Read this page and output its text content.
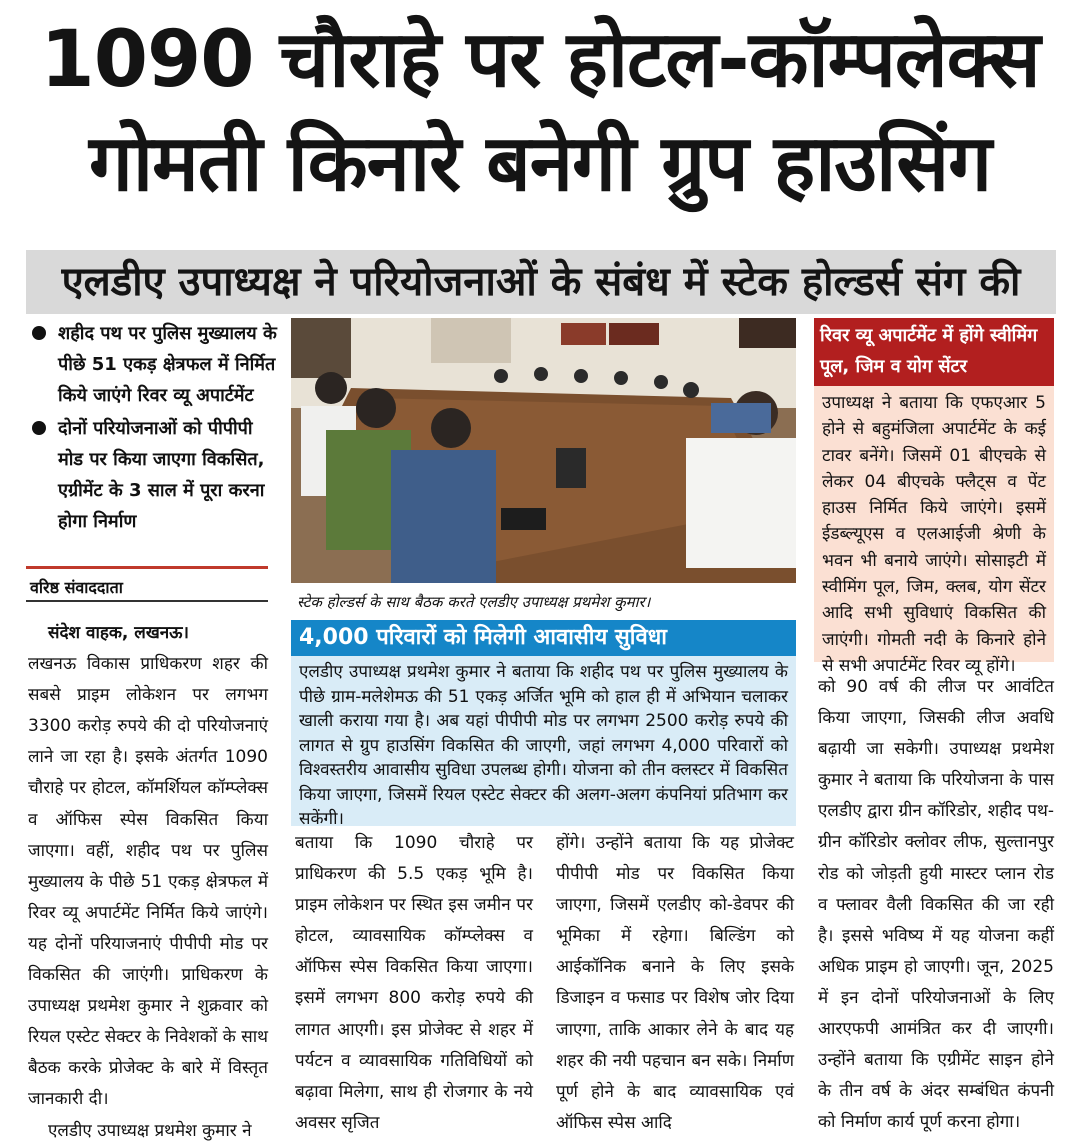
1090 चौराहे पर होटल-कॉम्पलेक्स
गोमती किनारे बनेगी ग्रुप हाउसिंग
एलडीए उपाध्यक्ष ने परियोजनाओं के संबंध में स्टेक होल्डर्स संग की
शहीद पथ पर पुलिस मुख्यालय के पीछे 51 एकड़ क्षेत्रफल में निर्मित किये जाएंगे रिवर व्यू अपार्टमेंट
दोनों परियोजनाओं को पीपीपी मोड पर किया जाएगा विकसित, एग्रीमेंट के 3 साल में पूरा करना होगा निर्माण
वरिष्ठ संवाददाता

संदेश वाहक, लखनऊ।

लखनऊ विकास प्राधिकरण शहर की सबसे प्राइम लोकेशन पर लगभग 3300 करोड़ रुपये की दो परियोजनाएं लाने जा रहा है। इसके अंतर्गत 1090 चौराहे पर होटल, कॉमर्शियल कॉम्प्लेक्स व ऑफिस स्पेस विकसित किया जाएगा। वहीं, शहीद पथ पर पुलिस मुख्यालय के पीछे 51 एकड़ क्षेत्रफल में रिवर व्यू अपार्टमेंट निर्मित किये जाएंगे। यह दोनों परियाजनाएं पीपीपी मोड पर विकसित की जाएंगी। प्राधिकरण के उपाध्यक्ष प्रथमेश कुमार ने शुक्रवार को रियल एस्टेट सेक्टर के निवेशकों के साथ बैठक करके प्रोजेक्ट के बारे में विस्तृत जानकारी दी।

एलडीए उपाध्यक्ष प्रथमेश कुमार ने

स्टेक होल्डर्स के साथ बैठक करते एलडीए उपाध्यक्ष प्रथमेश कुमार।
4,000 परिवारों को मिलेगी आवासीय सुविधा
एलडीए उपाध्यक्ष प्रथमेश कुमार ने बताया कि शहीद पथ पर पुलिस मुख्यालय के पीछे ग्राम-मलेशेमऊ की 51 एकड़ अर्जित भूमि को हाल ही में अभियान चलाकर खाली कराया गया है। अब यहां पीपीपी मोड पर लगभग 2500 करोड़ रुपये की लागत से ग्रुप हाउसिंग विकसित की जाएगी, जहां लगभग 4,000 परिवारों को विश्वस्तरीय आवासीय सुविधा उपलब्ध होगी। योजना को तीन क्लस्टर में विकसित किया जाएगा, जिसमें रियल एस्टेट सेक्टर की अलग-अलग कंपनियां प्रतिभाग कर सकेंगी।

बताया कि 1090 चौराहे पर प्राधिकरण की 5.5 एकड़ भूमि है। प्राइम लोकेशन पर स्थित इस जमीन पर होटल, व्यावसायिक कॉम्प्लेक्स व ऑफिस स्पेस विकसित किया जाएगा। इसमें लगभग 800 करोड़ रुपये की लागत आएगी। इस प्रोजेक्ट से शहर में पर्यटन व व्यावसायिक गतिविधियों को बढ़ावा मिलेगा, साथ ही रोजगार के नये अवसर सृजित

होंगे। उन्होंने बताया कि यह प्रोजेक्ट पीपीपी मोड पर विकसित किया जाएगा, जिसमें एलडीए को-डेवपर की भूमिका में रहेगा। बिल्डिंग को आईकॉनिक बनाने के लिए इसके डिजाइन व फसाड पर विशेष जोर दिया जाएगा, ताकि आकार लेने के बाद यह शहर की नयी पहचान बन सके। निर्माण पूर्ण होने के बाद व्यावसायिक एवं ऑफिस स्पेस आदि

रिवर व्यू अपार्टमेंट में होंगे स्वीमिंग पूल, जिम व योग सेंटर
उपाध्यक्ष ने बताया कि एफएआर 5 होने से बहुमंजिला अपार्टमेंट के कई टावर बनेंगे। जिसमें 01 बीएचके से लेकर 04 बीएचके फ्लैट्स व पेंट हाउस निर्मित किये जाएंगे। इसमें ईडब्ल्यूएस व एलआईजी श्रेणी के भवन भी बनाये जाएंगे। सोसाइटी में स्वीमिंग पूल, जिम, क्लब, योग सेंटर आदि सभी सुविधाएं विकसित की जाएंगी। गोमती नदी के किनारे होने से सभी अपार्टमेंट रिवर व्यू होंगे।

को 90 वर्ष की लीज पर आवंटित किया जाएगा, जिसकी लीज अवधि बढ़ायी जा सकेगी। उपाध्यक्ष प्रथमेश कुमार ने बताया कि परियोजना के पास एलडीए द्वारा ग्रीन कॉरिडोर, शहीद पथ-ग्रीन कॉरिडोर क्लोवर लीफ, सुल्तानपुर रोड को जोड़ती हुयी मास्टर प्लान रोड व फ्लावर वैली विकसित की जा रही है। इससे भविष्य में यह योजना कहीं अधिक प्राइम हो जाएगी। जून, 2025 में इन दोनों परियोजनाओं के लिए आरएफपी आमंत्रित कर दी जाएगी। उन्होंने बताया कि एग्रीमेंट साइन होने के तीन वर्ष के अंदर सम्बंधित कंपनी को निर्माण कार्य पूर्ण करना होगा।
